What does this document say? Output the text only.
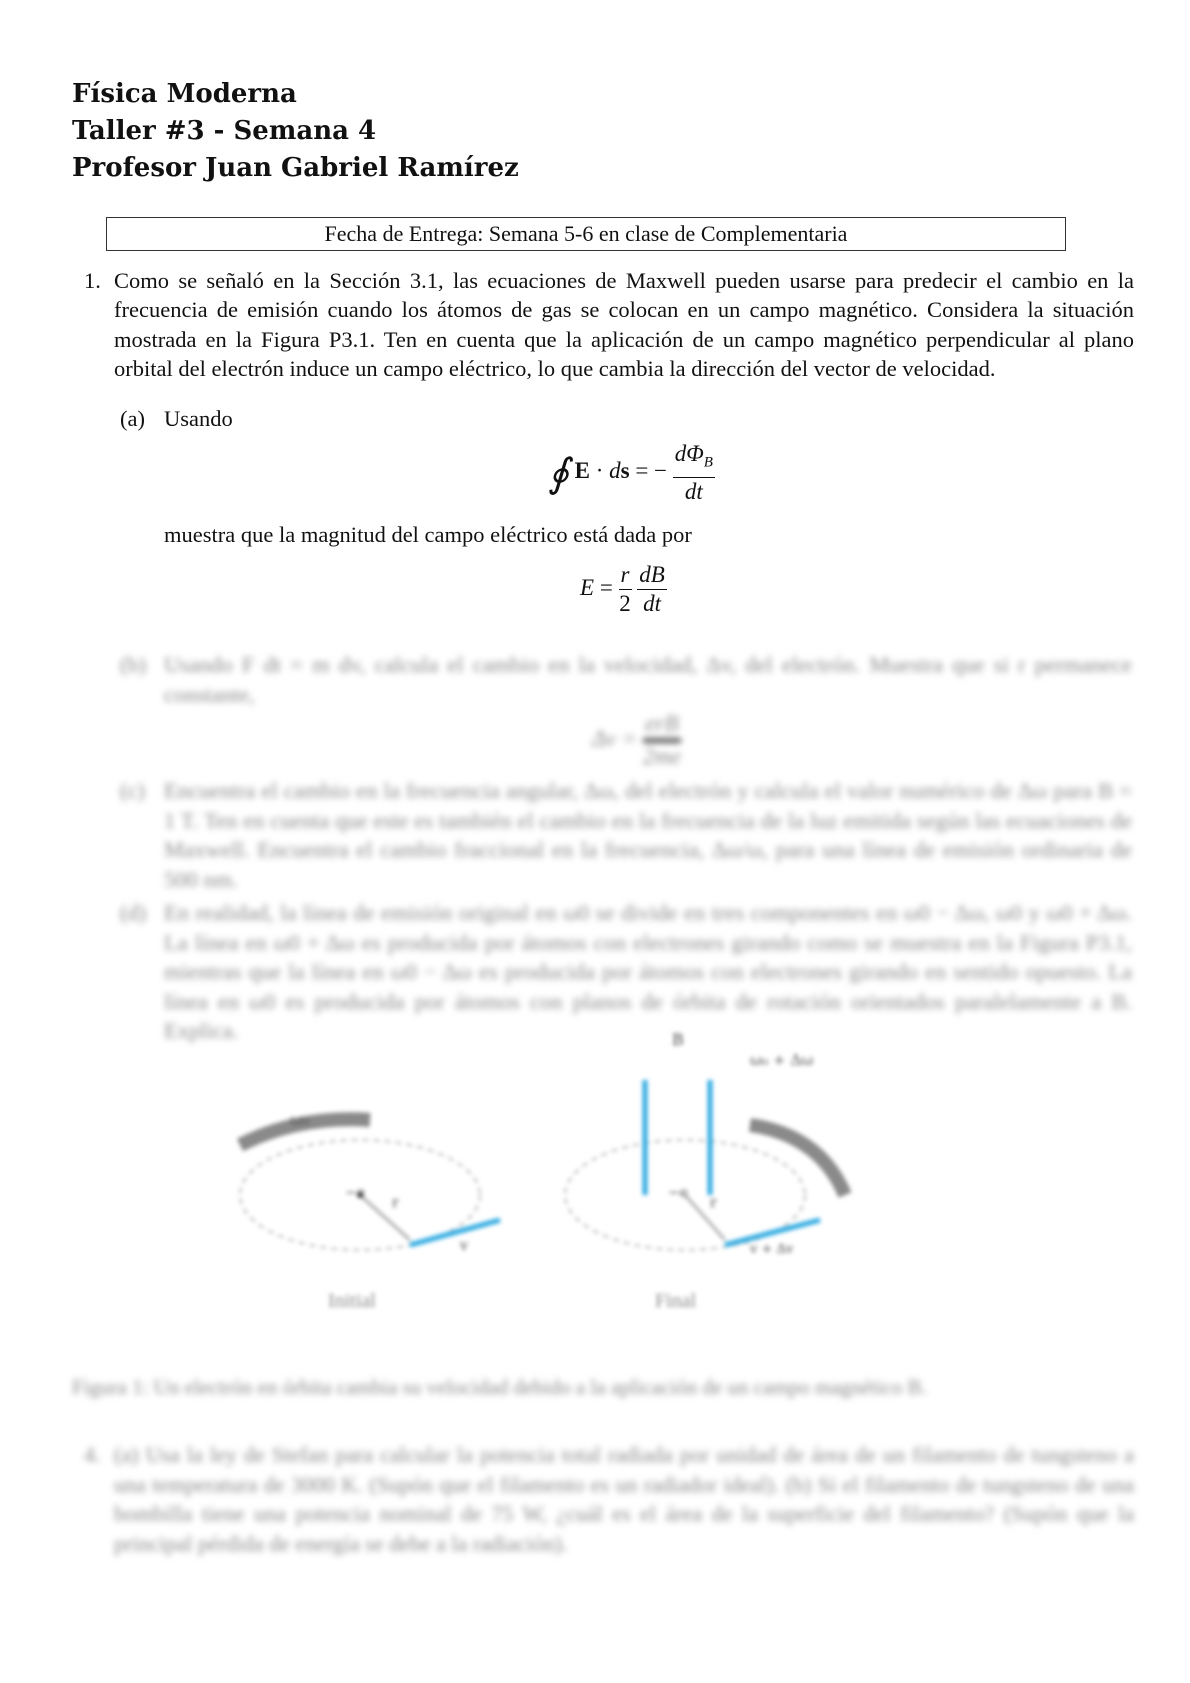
Física Moderna
Taller #3 - Semana 4
Profesor Juan Gabriel Ramírez
Fecha de Entrega: Semana 5-6 en clase de Complementaria
1. Como se señaló en la Sección 3.1, las ecuaciones de Maxwell pueden usarse para predecir el cambio en la frecuencia de emisión cuando los átomos de gas se colocan en un campo magnético. Considera la situación mostrada en la Figura P3.1. Ten en cuenta que la aplicación de un campo magnético perpendicular al plano orbital del electrón induce un campo eléctrico, lo que cambia la dirección del vector de velocidad.
(a) Usando
∮ E · ds = − $\frac{d\Phi_B}{dt}$
muestra que la magnitud del campo eléctrico está dada por
$E = \frac{r}{2}$
$\frac{dB}{dt}$
(b) Usando F dt = m dv, calcula el cambio en la velocidad, Δv, del electrón. Muestra que si r permanece constante,
$\Delta v = \frac{\text{erB}}{2me}$
(c) Encuentra el cambio en la frecuencia angular, Δω, del electrón y calcula el valor numérico de Δω para B = 1 T. Ten en cuenta que este es también el cambio en la frecuencia de la luz emitida según las ecuaciones de Maxwell. Encuentra el cambio fraccional en la frecuencia, Δω/ω, para una línea de emisión ordinaria de 500 nm.
(d) En realidad, la línea de emisión original en ω0 se divide en tres componentes en ω0 − Δω, ω0 y ω0 + Δω. La línea en ω0 + Δω es producida por átomos con electrones girando como se muestra en la Figura P3.1, mientras que la línea en ω0 − Δω es producida por átomos con electrones girando en sentido opuesto. La línea en ω0 es producida por átomos con planos de órbita de rotación orientados paralelamente a B. Explica.
ω₀
−e
r
v
B
ω₀ + Δω
−e
r
v + Δv
Initial	Final
Figura 1: Un electrón en órbita cambia su velocidad debido a la aplicación de un campo magnético B.
4. (a) Usa la ley de Stefan para calcular la potencia total radiada por unidad de área de un filamento de tungsteno a una temperatura de 3000 K. (Supón que el filamento es un radiador ideal). (b) Si el filamento de tungsteno de una bombilla tiene una potencia nominal de 75 W, ¿cuál es el área de la superficie del filamento? (Supón que la principal pérdida de energía se debe a la radiación).
